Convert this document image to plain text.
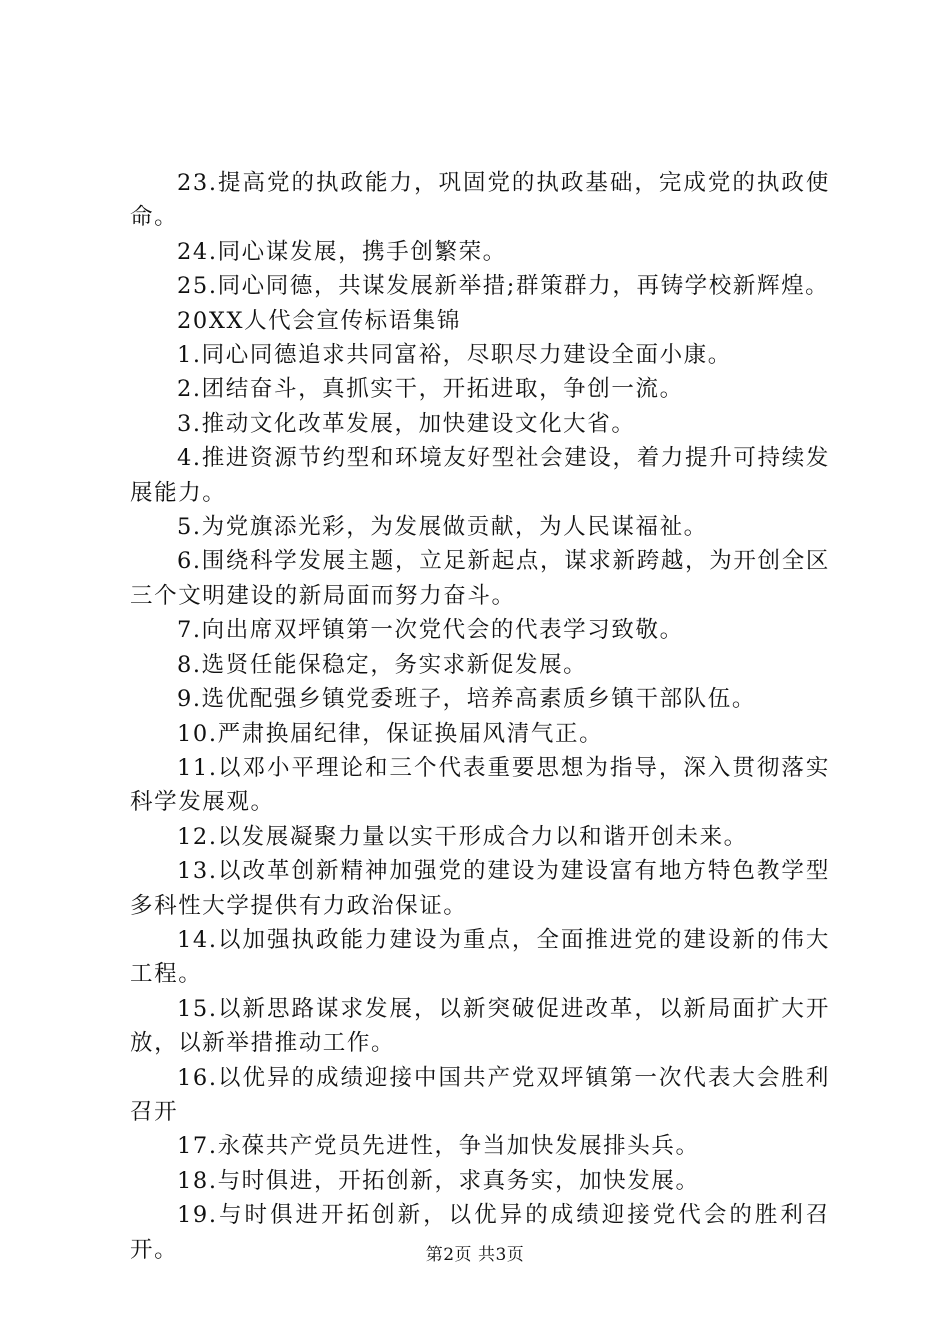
23.提高党的执政能力，巩固党的执政基础，完成党的执政使命。

24.同心谋发展，携手创繁荣。

25.同心同德，共谋发展新举措;群策群力，再铸学校新辉煌。

20XX人代会宣传标语集锦

1.同心同德追求共同富裕，尽职尽力建设全面小康。

2.团结奋斗，真抓实干，开拓进取，争创一流。

3.推动文化改革发展，加快建设文化大省。

4.推进资源节约型和环境友好型社会建设，着力提升可持续发展能力。

5.为党旗添光彩，为发展做贡献，为人民谋福祉。

6.围绕科学发展主题，立足新起点，谋求新跨越，为开创全区三个文明建设的新局面而努力奋斗。

7.向出席双坪镇第一次党代会的代表学习致敬。

8.选贤任能保稳定，务实求新促发展。

9.选优配强乡镇党委班子，培养高素质乡镇干部队伍。

10.严肃换届纪律，保证换届风清气正。

11.以邓小平理论和三个代表重要思想为指导，深入贯彻落实科学发展观。

12.以发展凝聚力量以实干形成合力以和谐开创未来。

13.以改革创新精神加强党的建设为建设富有地方特色教学型多科性大学提供有力政治保证。

14.以加强执政能力建设为重点，全面推进党的建设新的伟大工程。

15.以新思路谋求发展，以新突破促进改革，以新局面扩大开放，以新举措推动工作。

16.以优异的成绩迎接中国共产党双坪镇第一次代表大会胜利召开

17.永葆共产党员先进性，争当加快发展排头兵。

18.与时俱进，开拓创新，求真务实，加快发展。

19.与时俱进开拓创新，以优异的成绩迎接党代会的胜利召开。	第2页 共3页
